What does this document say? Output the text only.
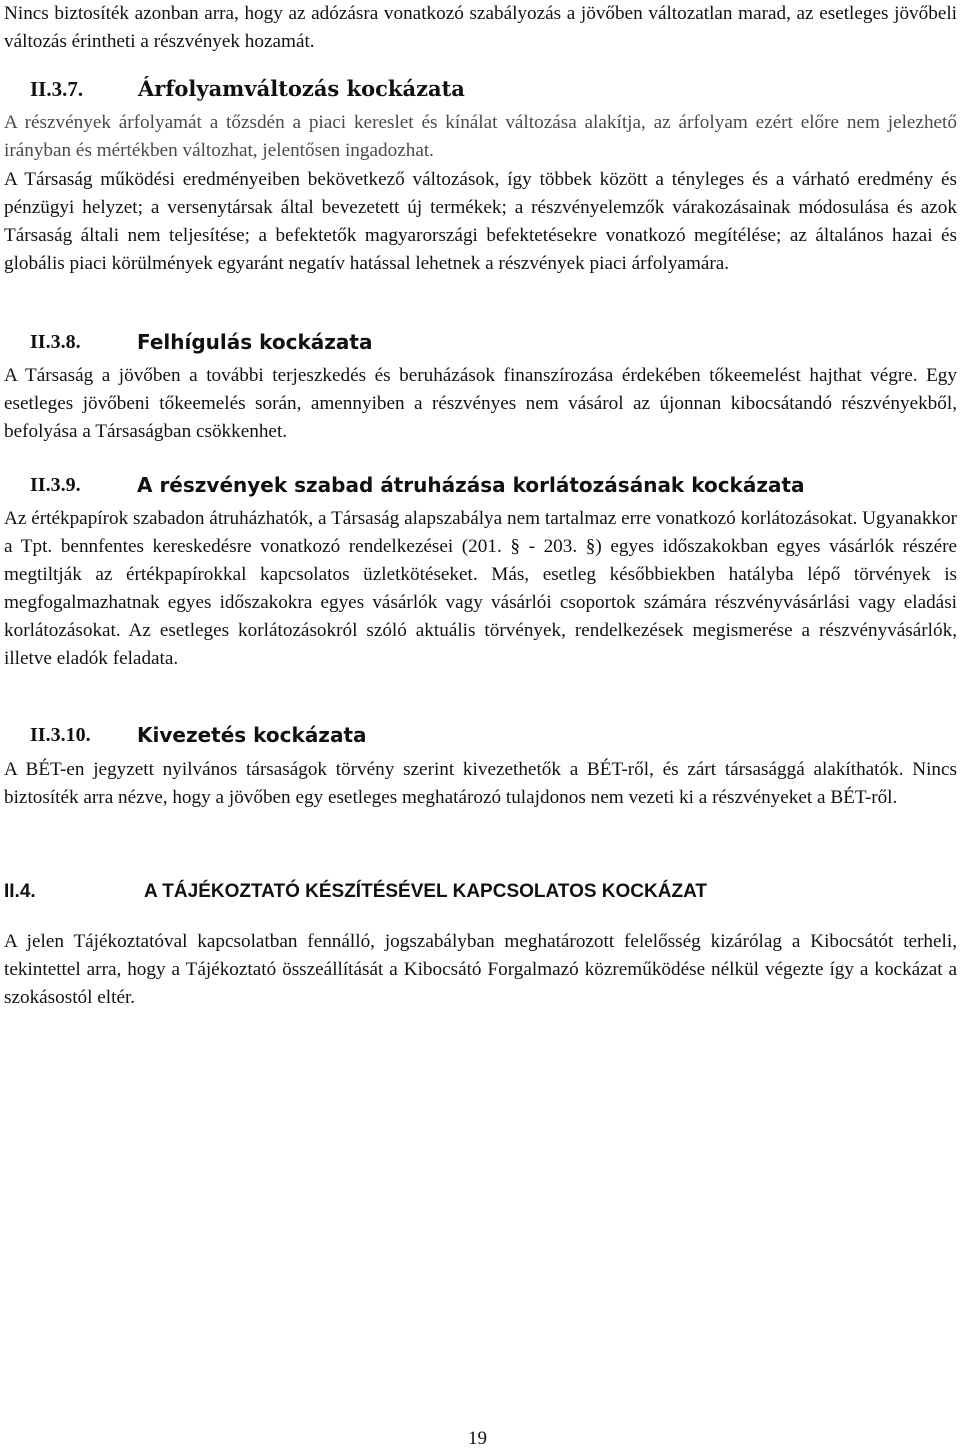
Nincs biztosíték azonban arra, hogy az adózásra vonatkozó szabályozás a jövőben változatlan marad, az esetleges jövőbeli változás érintheti a részvények hozamát.

II.3.7.	Árfolyamváltozás kockázata

A részvények árfolyamát a tőzsdén a piaci kereslet és kínálat változása alakítja, az árfolyam ezért előre nem jelezhető irányban és mértékben változhat, jelentősen ingadozhat.

A Társaság működési eredményeiben bekövetkező változások, így többek között a tényleges és a várható eredmény és pénzügyi helyzet; a versenytársak által bevezetett új termékek; a részvényelemzők várakozásainak módosulása és azok Társaság általi nem teljesítése; a befektetők magyarországi befektetésekre vonatkozó megítélése; az általános hazai és globális piaci körülmények egyaránt negatív hatással lehetnek a részvények piaci árfolyamára.

II.3.8.	Felhígulás kockázata

A Társaság a jövőben a további terjeszkedés és beruházások finanszírozása érdekében tőkeemelést hajthat végre. Egy esetleges jövőbeni tőkeemelés során, amennyiben a részvényes nem vásárol az újonnan kibocsátandó részvényekből, befolyása a Társaságban csökkenhet.

II.3.9.	A részvények szabad átruházása korlátozásának kockázata

Az értékpapírok szabadon átruházhatók, a Társaság alapszabálya nem tartalmaz erre vonatkozó korlátozásokat. Ugyanakkor a Tpt. bennfentes kereskedésre vonatkozó rendelkezései (201. § - 203. §) egyes időszakokban egyes vásárlók részére megtiltják az értékpapírokkal kapcsolatos üzletkötéseket. Más, esetleg későbbiekben hatályba lépő törvények is megfogalmazhatnak egyes időszakokra egyes vásárlók vagy vásárlói csoportok számára részvényvásárlási vagy eladási korlátozásokat. Az esetleges korlátozásokról szóló aktuális törvények, rendelkezések megismerése a részvényvásárlók, illetve eladók feladata.

II.3.10. Kivezetés kockázata

A BÉT-en jegyzett nyilvános társaságok törvény szerint kivezethetők a BÉT-ről, és zárt társasággá alakíthatók. Nincs biztosíték arra nézve, hogy a jövőben egy esetleges meghatározó tulajdonos nem vezeti ki a részvényeket a BÉT-ről.

II.4.	A TÁJÉKOZTATÓ KÉSZÍTÉSÉVEL KAPCSOLATOS KOCKÁZAT

A jelen Tájékoztatóval kapcsolatban fennálló, jogszabályban meghatározott felelősség kizárólag a Kibocsátót terheli, tekintettel arra, hogy a Tájékoztató összeállítását a Kibocsátó Forgalmazó közreműködése nélkül végezte így a kockázat a szokásostól eltér.

19
